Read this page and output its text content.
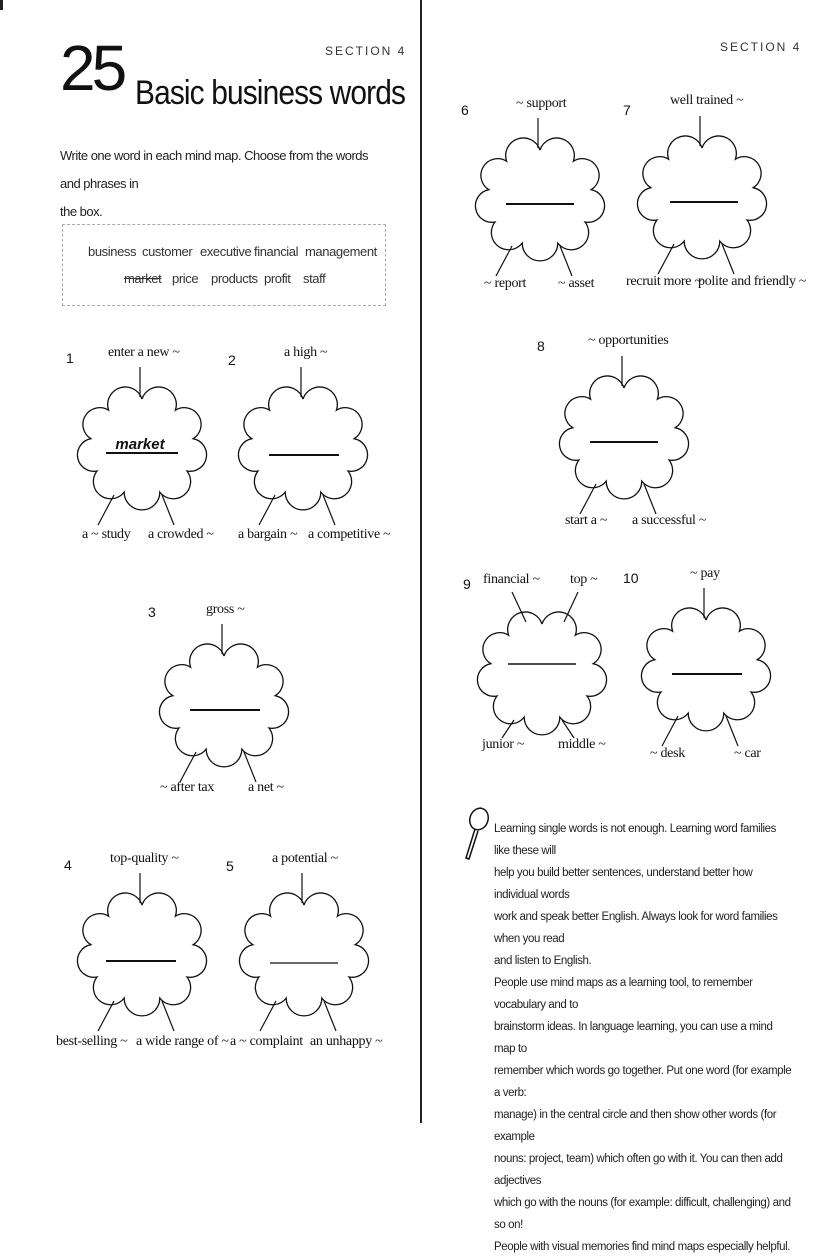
25 Basic business words
SECTION 4	SECTION 4
Write one word in each mind map. Choose from the words and phrases in
the box.
business customer executive financial management
market price products profit staff
1 enter a new ~
market
a ~ study a crowded ~
2	a high ~
a bargain ~ a competitive ~
3	gross ~
~ after tax a net ~
4	top-quality ~
best-selling ~ a wide range of ~
5	a potential ~
a ~ complaint an unhappy ~
6	~ support
~ report ~ asset
7
well trained ~
recruit more ~
polite and friendly ~
8	~ opportunities
start a ~ a successful ~
9 financial ~ top ~
junior ~ middle ~
10	~ pay
~ desk	~ car
Learning single words is not enough. Learning word families like these will
help you build better sentences, understand better how individual words
work and speak better English. Always look for word families when you read
and listen to English.
People use mind maps as a learning tool, to remember vocabulary and to
brainstorm ideas. In language learning, you can use a mind map to
remember which words go together. Put one word (for example a verb:
manage) in the central circle and then show other words (for example
nouns: project, team) which often go with it. You can then add adjectives
which go with the nouns (for example: difficult, challenging) and so on!
People with visual memories find mind maps especially helpful.
